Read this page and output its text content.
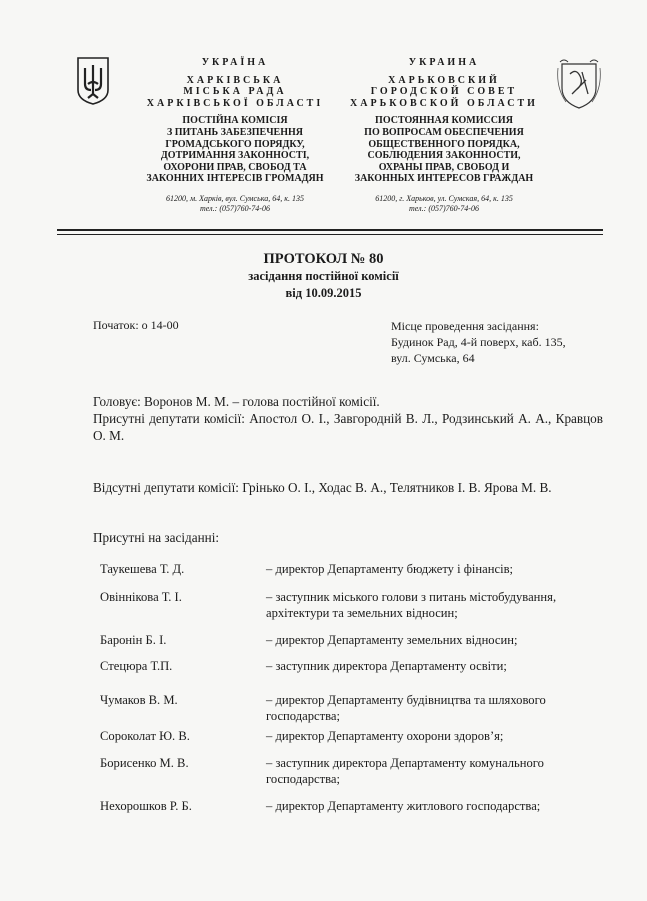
УКРАЇНА
ХАРКІВСЬКА
МІСЬКА РАДА
ХАРКІВСЬКОЇ ОБЛАСТІ
ПОСТІЙНА КОМІСІЯ
З ПИТАНЬ ЗАБЕЗПЕЧЕННЯ
ГРОМАДСЬКОГО ПОРЯДКУ,
ДОТРИМАННЯ ЗАКОННОСТІ,
ОХОРОНИ ПРАВ, СВОБОД ТА
ЗАКОННИХ ІНТЕРЕСІВ ГРОМАДЯН
61200, м. Харків, вул. Сумська, 64, к. 135
тел.: (057)760-74-06
УКРАИНА
ХАРЬКОВСКИЙ
ГОРОДСКОЙ СОВЕТ
ХАРЬКОВСКОЙ ОБЛАСТИ
ПОСТОЯННАЯ КОМИССИЯ
ПО ВОПРОСАМ ОБЕСПЕЧЕНИЯ
ОБЩЕСТВЕННОГО ПОРЯДКА,
СОБЛЮДЕНИЯ ЗАКОННОСТИ,
ОХРАНЫ ПРАВ, СВОБОД И
ЗАКОННЫХ ИНТЕРЕСОВ ГРАЖДАН
61200, г. Харьков, ул. Сумская, 64, к. 135
тел.: (057)760-74-06
ПРОТОКОЛ № 80
засідання постійної комісії
від 10.09.2015
Початок: о 14-00	Місце проведення засідання:
Будинок Рад, 4-й поверх, каб. 135,
вул. Сумська, 64
Головує: Воронов М. М. – голова постійної комісії.
Присутні депутати комісії: Апостол О. І., Завгородній В. Л., Родзинський А. А., Кравцов О. М.
Відсутні депутати комісії: Грінько О. І., Ходас В. А., Телятников І. В. Ярова М. В.
Присутні на засіданні:
Таукешева Т. Д.	– директор Департаменту бюджету і фінансів;
Овіннікова Т. І.	– заступник міського голови з питань містобудування, архітектури та земельних відносин;
Баронін Б. І.	– директор Департаменту земельних відносин;
Стецюра Т.П.	– заступник директора Департаменту освіти;
Чумаков В. М.	– директор Департаменту будівництва та шляхового господарства;
Сороколат Ю. В.	– директор Департаменту охорони здоров’я;
Борисенко М. В.	– заступник директора Департаменту комунального господарства;
Нехорошков Р. Б.	– директор Департаменту житлового господарства;
